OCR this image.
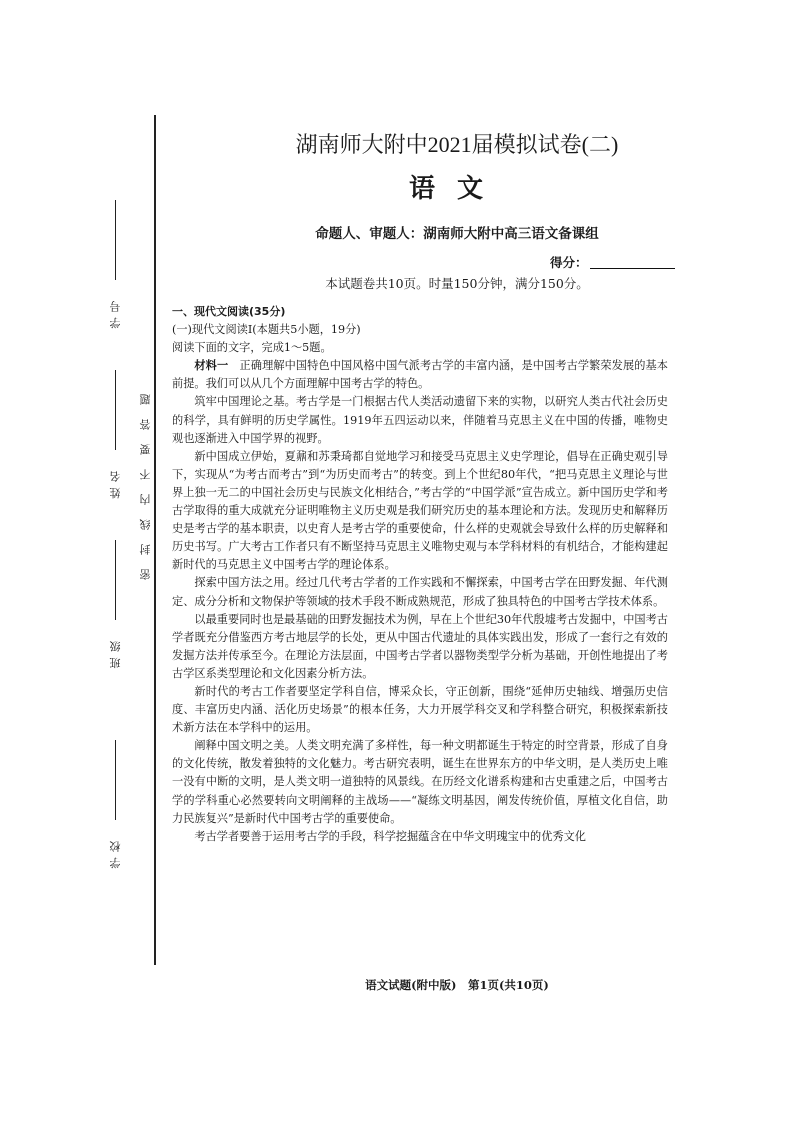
学 号
姓 名
班 级
学 校
密封线内不要答题
湖南师大附中2021届模拟试卷(二)
语文
命题人、审题人：湖南师大附中高三语文备课组
得分：
本试题卷共10页。时量150分钟，满分150分。

一、现代文阅读(35分)

(一)现代文阅读Ⅰ(本题共5小题，19分)

阅读下面的文字，完成1～5题。

材料一　 正确理解中国特色中国风格中国气派考古学的丰富内涵，是中国考古学繁荣发展的基本前提。我们可以从几个方面理解中国考古学的特色。

筑牢中国理论之基。考古学是一门根据古代人类活动遗留下来的实物，以研究人类古代社会历史的科学，具有鲜明的历史学属性。1919年五四运动以来，伴随着马克思主义在中国的传播，唯物史观也逐渐进入中国学界的视野。

新中国成立伊始，夏鼐和苏秉琦都自觉地学习和接受马克思主义史学理论，倡导在正确史观引导下，实现从“为考古而考古”到“为历史而考古”的转变。到上个世纪80年代，“把马克思主义理论与世界上独一无二的中国社会历史与民族文化相结合，”考古学的“中国学派”宣告成立。新中国历史学和考古学取得的重大成就充分证明唯物主义历史观是我们研究历史的基本理论和方法。发现历史和解释历史是考古学的基本职责，以史育人是考古学的重要使命，什么样的史观就会导致什么样的历史解释和历史书写。广大考古工作者只有不断坚持马克思主义唯物史观与本学科材料的有机结合，才能构建起新时代的马克思主义中国考古学的理论体系。

探索中国方法之用。经过几代考古学者的工作实践和不懈探索，中国考古学在田野发掘、年代测定、成分分析和文物保护等领域的技术手段不断成熟规范，形成了独具特色的中国考古学技术体系。

以最重要同时也是最基础的田野发掘技术为例，早在上个世纪30年代殷墟考古发掘中，中国考古学者既充分借鉴西方考古地层学的长处，更从中国古代遗址的具体实践出发，形成了一套行之有效的发掘方法并传承至今。在理论方法层面，中国考古学者以器物类型学分析为基础，开创性地提出了考古学区系类型理论和文化因素分析方法。

新时代的考古工作者要坚定学科自信，博采众长，守正创新，围绕“延伸历史轴线、增强历史信度、丰富历史内涵、活化历史场景”的根本任务，大力开展学科交叉和学科整合研究，积极探索新技术新方法在本学科中的运用。

阐释中国文明之美。人类文明充满了多样性，每一种文明都诞生于特定的时空背景，形成了自身的文化传统，散发着独特的文化魅力。考古研究表明，诞生在世界东方的中华文明，是人类历史上唯一没有中断的文明，是人类文明一道独特的风景线。在历经文化谱系构建和古史重建之后，中国考古学的学科重心必然要转向文明阐释的主战场——“凝练文明基因，阐发传统价值，厚植文化自信，助力民族复兴”是新时代中国考古学的重要使命。

考古学者要善于运用考古学的手段，科学挖掘蕴含在中华文明瑰宝中的优秀文化

语文试题(附中版)　第1页(共10页)
